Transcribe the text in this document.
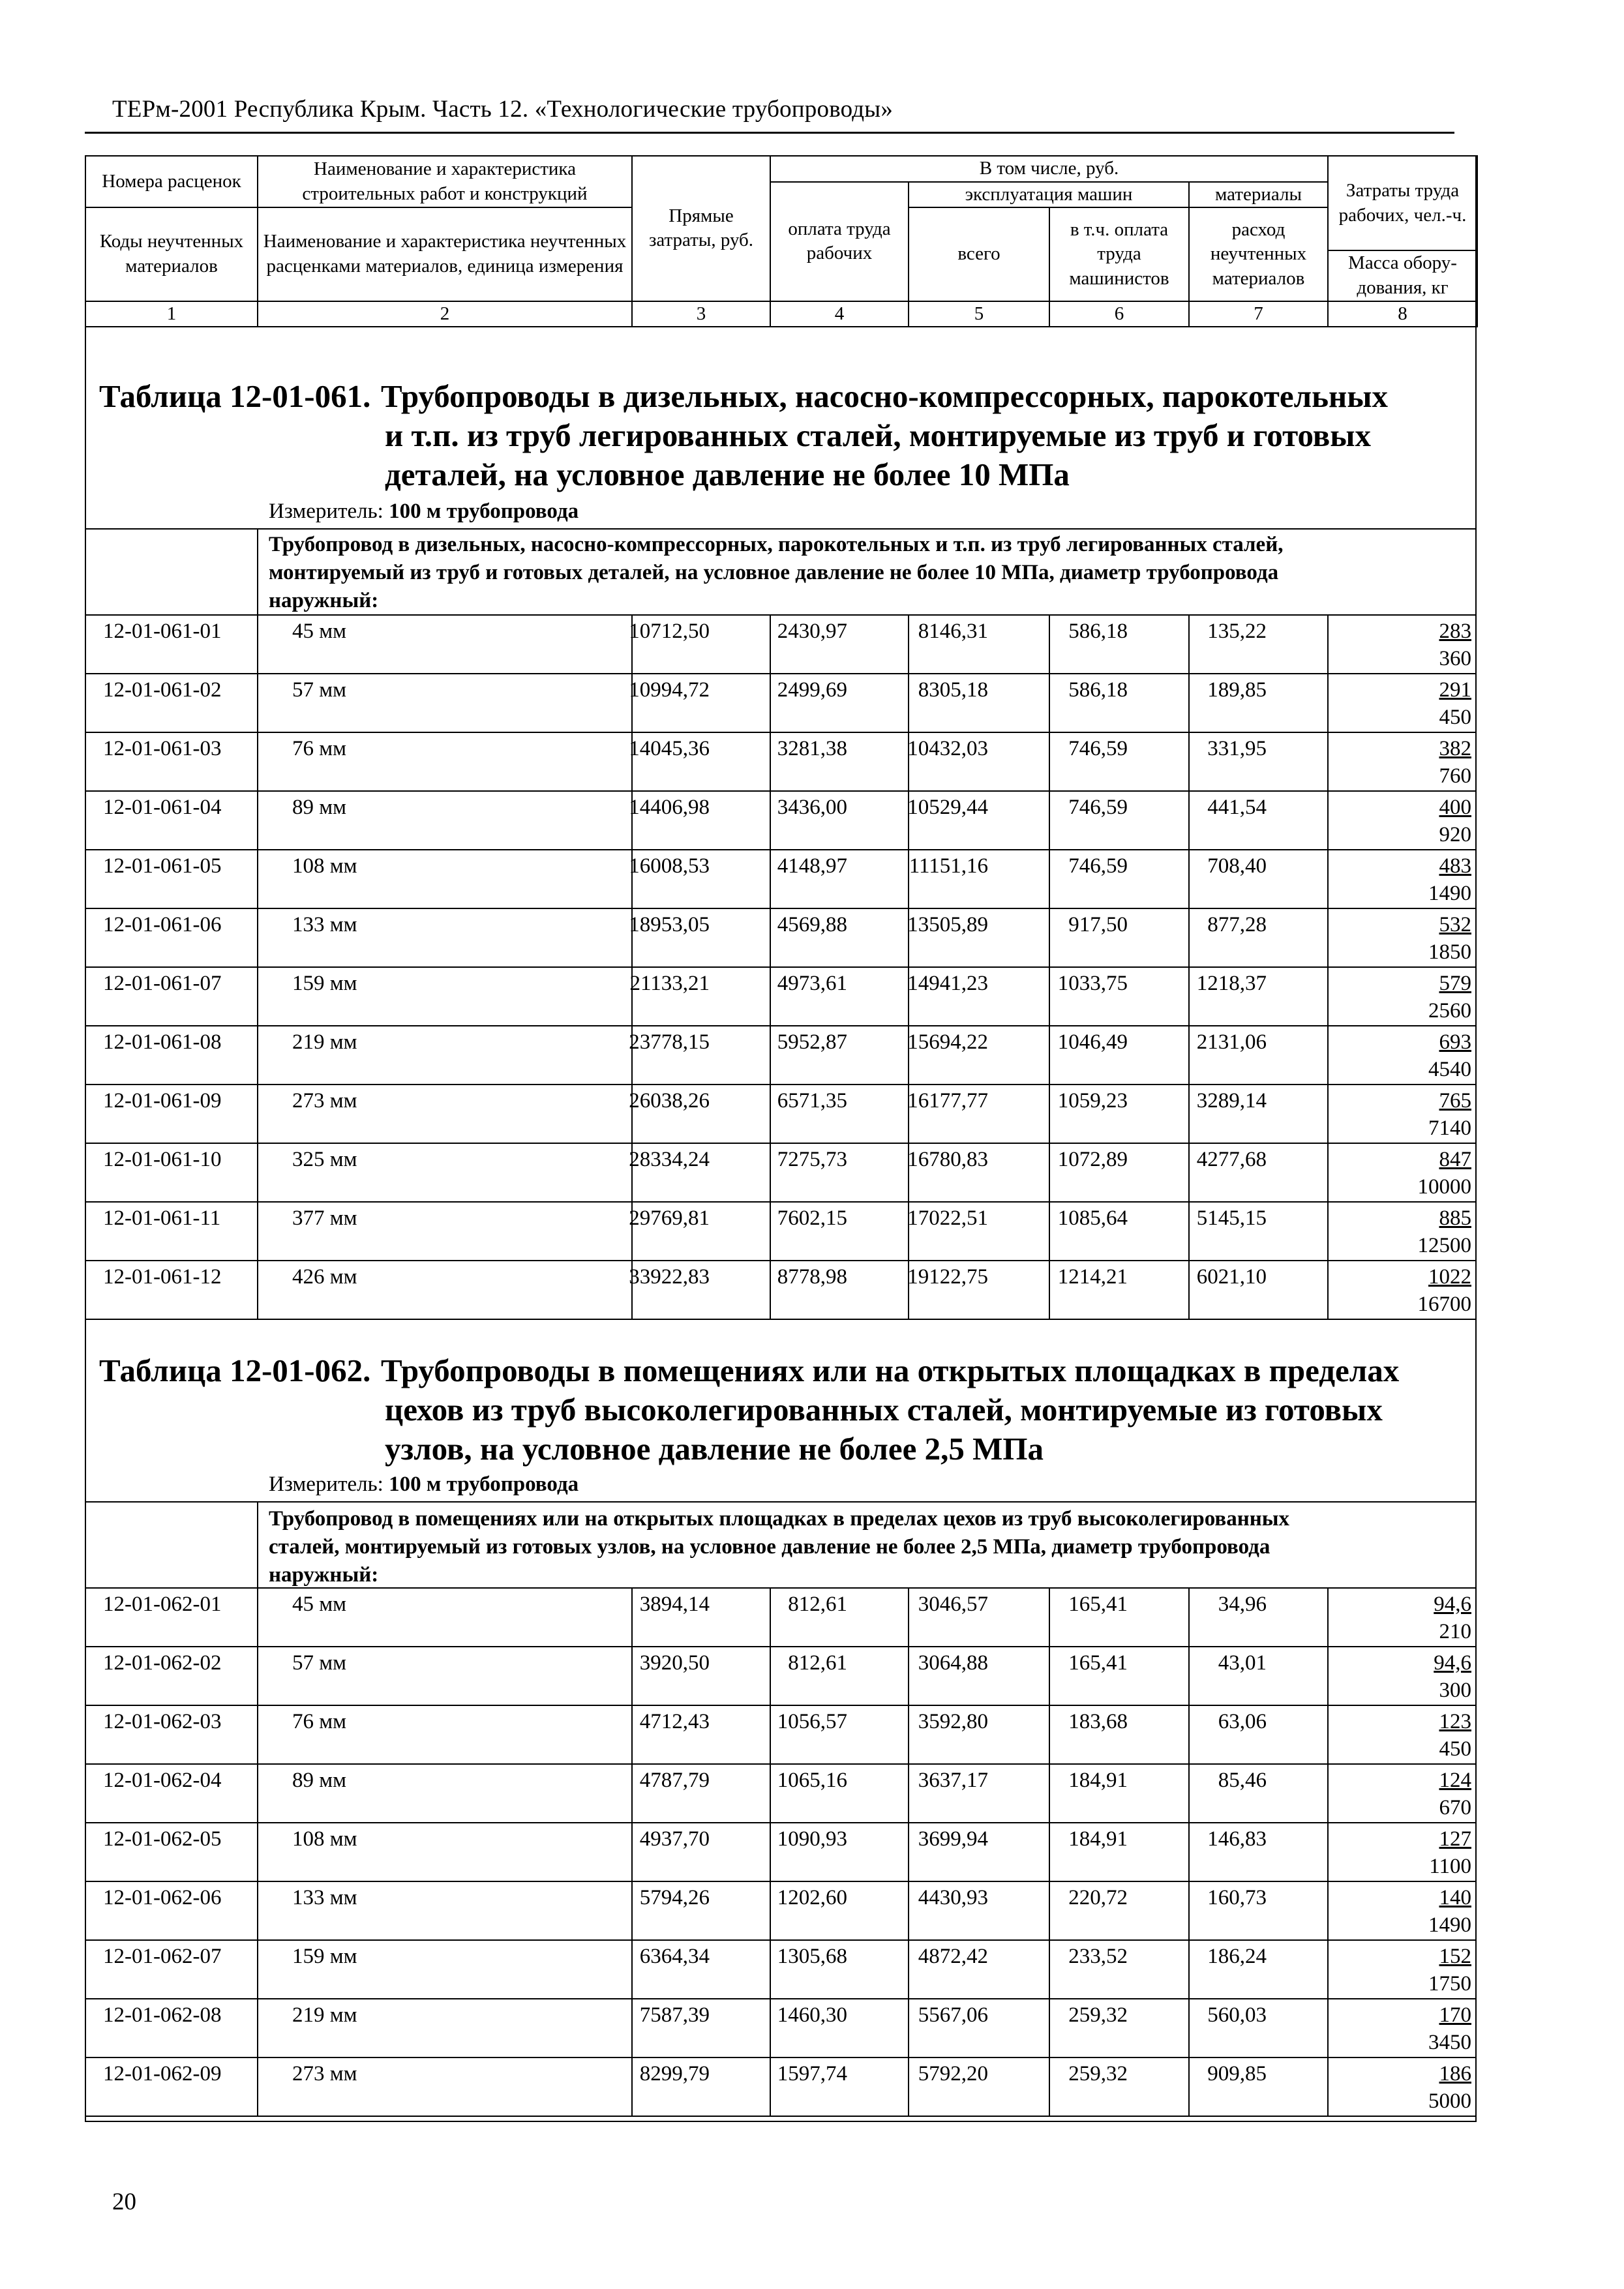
ТЕРм-2001 Республика Крым. Часть 12. «Технологические трубопроводы»
Номера расценок	Наименование и характеристика строительных работ и конструкций	Прямые затраты, руб.	В том числе, руб.				Затраты труда рабочих, чел.-ч.
			оплата труда рабочих	эксплуатация машин		материалы	
Коды неучтенных материалов	Наименование и характеристика неучтенных расценками материалов, единица измерения			всего	в т.ч. оплата труда машинистов	расход неучтенных материалов	
							Масса обору-дования, кг
1	2	3	4	5	6	7	8
Таблица 12-01-061. Трубопроводы в дизельных, насосно-компрессорных, парокотельных
и т.п. из труб легированных сталей, монтируемые из труб и готовых
деталей, на условное давление не более 10 МПа
Измеритель: 100 м трубопровода
Трубопровод в дизельных, насосно-компрессорных, парокотельных и т.п. из труб легированных сталей,
монтируемый из труб и готовых деталей, на условное давление не более 10 МПа, диаметр трубопровода
наружный:
12-01-061-01	45 мм	10712,50	2430,97	8146,31	586,18	135,22	283
360
12-01-061-02	57 мм	10994,72	2499,69	8305,18	586,18	189,85	291
450
12-01-061-03	76 мм	14045,36	3281,38	10432,03	746,59	331,95	382
760
12-01-061-04	89 мм	14406,98	3436,00	10529,44	746,59	441,54	400
920
12-01-061-05	108 мм	16008,53	4148,97	11151,16	746,59	708,40	483
1490
12-01-061-06	133 мм	18953,05	4569,88	13505,89	917,50	877,28	532
1850
12-01-061-07	159 мм	21133,21	4973,61	14941,23	1033,75	1218,37	579
2560
12-01-061-08	219 мм	23778,15	5952,87	15694,22	1046,49	2131,06	693
4540
12-01-061-09	273 мм	26038,26	6571,35	16177,77	1059,23	3289,14	765
7140
12-01-061-10	325 мм	28334,24	7275,73	16780,83	1072,89	4277,68	847
10000
12-01-061-11	377 мм	29769,81	7602,15	17022,51	1085,64	5145,15	885
12500
12-01-061-12	426 мм	33922,83	8778,98	19122,75	1214,21	6021,10	1022
16700
Таблица 12-01-062. Трубопроводы в помещениях или на открытых площадках в пределах
цехов из труб высоколегированных сталей, монтируемые из готовых
узлов, на условное давление не более 2,5 МПа
Измеритель: 100 м трубопровода
Трубопровод в помещениях или на открытых площадках в пределах цехов из труб высоколегированных
сталей, монтируемый из готовых узлов, на условное давление не более 2,5 МПа, диаметр трубопровода
наружный:
12-01-062-01	45 мм	3894,14	812,61	3046,57	165,41	34,96	94,6
210
12-01-062-02	57 мм	3920,50	812,61	3064,88	165,41	43,01	94,6
300
12-01-062-03	76 мм	4712,43	1056,57	3592,80	183,68	63,06	123
450
12-01-062-04	89 мм	4787,79	1065,16	3637,17	184,91	85,46	124
670
12-01-062-05	108 мм	4937,70	1090,93	3699,94	184,91	146,83	127
1100
12-01-062-06	133 мм	5794,26	1202,60	4430,93	220,72	160,73	140
1490
12-01-062-07	159 мм	6364,34	1305,68	4872,42	233,52	186,24	152
1750
12-01-062-08	219 мм	7587,39	1460,30	5567,06	259,32	560,03	170
3450
12-01-062-09	273 мм	8299,79	1597,74	5792,20	259,32	909,85	186
5000
20
